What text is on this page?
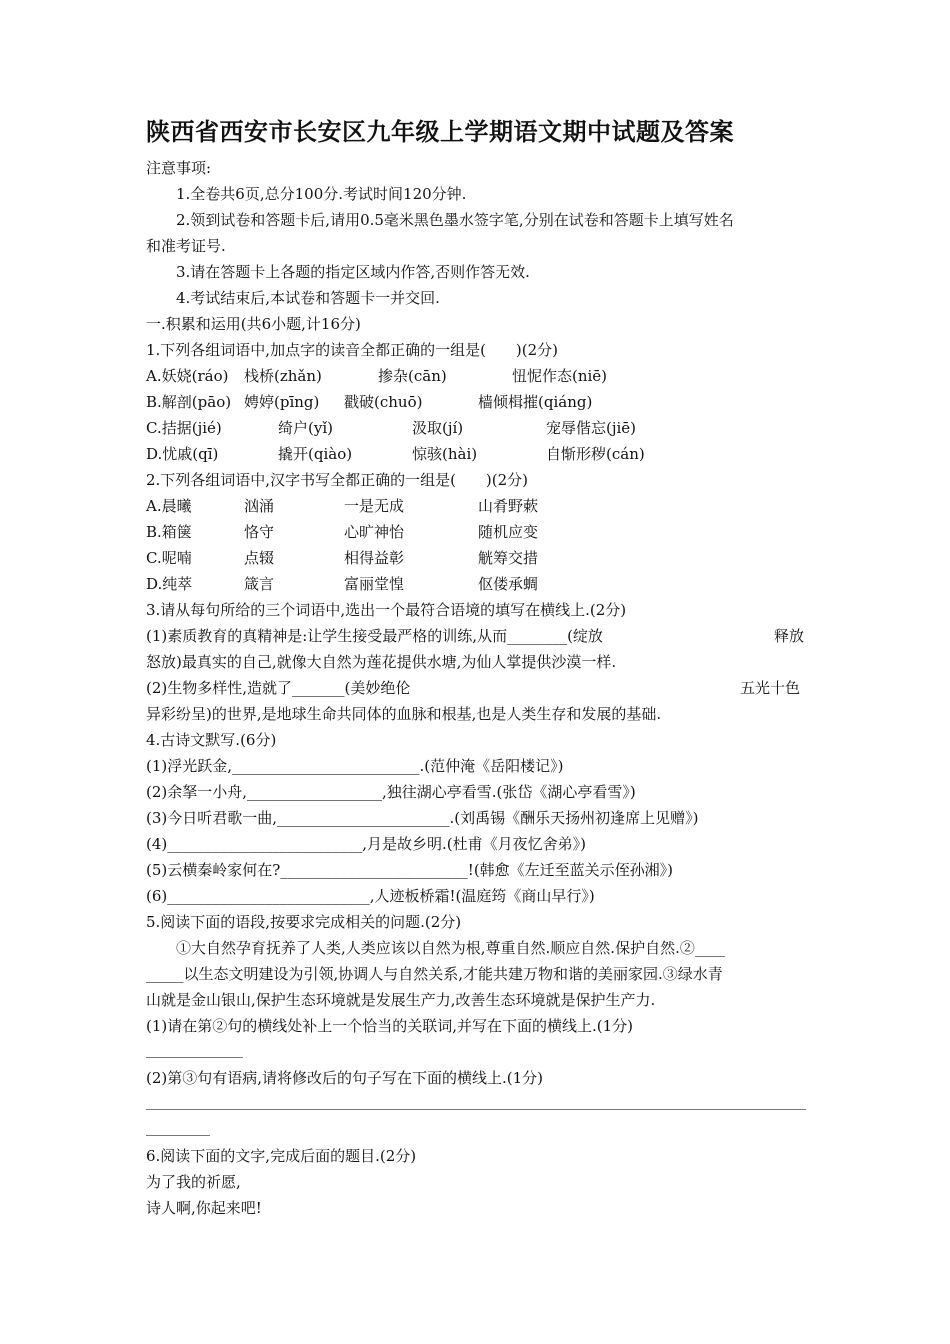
陕西省西安市长安区九年级上学期语文期中试题及答案
注意事项:
1.全卷共6页,总分100分.考试时间120分钟.
2.领到试卷和答题卡后,请用0.5毫米黑色墨水签字笔,分别在试卷和答题卡上填写姓名
和准考证号.
3.请在答题卡上各题的指定区域内作答,否则作答无效.
4.考试结束后,本试卷和答题卡一并交回.
一.积累和运用(共6小题,计16分)
1.下列各组词语中,加点字的读音全都正确的一组是(　　)(2分)
A.妖娆(ráo) 栈桥(zhǎn)	掺杂(cān)	忸怩作态(niē)
B.解剖(pāo) 娉婷(pīng) 戳破(chuō)	樯倾楫摧(qiáng)
C.拮据(jié)	绮户(yǐ)	汲取(jí)	宠辱偕忘(jiē)
D.忧戚(qī)	撬开(qiào)	惊骇(hài)	自惭形秽(cán)
2.下列各组词语中,汉字书写全都正确的一组是(　　)(2分)
A.晨曦	汹涌	一是无成	山肴野蔌
B.箱箧	恪守	心旷神怡	随机应变
C.呢喃	点辍	相得益彰	觥筹交措
D.纯萃	箴言	富丽堂惶	伛偻承蜩
3.请从每句所给的三个词语中,选出一个最符合语境的填写在横线上.(2分)
(1)素质教育的真精神是:让学生接受最严格的训练,从而________(绽放	释放
怒放)最真实的自己,就像大自然为莲花提供水塘,为仙人掌提供沙漠一样.
(2)生物多样性,造就了_______(美妙绝伦	五光十色
异彩纷呈)的世界,是地球生命共同体的血脉和根基,也是人类生存和发展的基础.
4.古诗文默写.(6分)
(1)浮光跃金,_________________________.(范仲淹《岳阳楼记》)
(2)余拏一小舟,__________________,独往湖心亭看雪.(张岱《湖心亭看雪》)
(3)今日听君歌一曲,_______________________.(刘禹锡《酬乐天扬州初逢席上见赠》)
(4)__________________________,月是故乡明.(杜甫《月夜忆舍弟》)
(5)云横秦岭家何在?_________________________!(韩愈《左迁至蓝关示侄孙湘》)
(6)___________________________,人迹板桥霜!(温庭筠《商山早行》)
5.阅读下面的语段,按要求完成相关的问题.(2分)
①大自然孕育抚养了人类,人类应该以自然为根,尊重自然.顺应自然.保护自然.②____
_____以生态文明建设为引领,协调人与自然关系,才能共建万物和谐的美丽家园.③绿水青
山就是金山银山,保护生态环境就是发展生产力,改善生态环境就是保护生产力.
(1)请在第②句的横线处补上一个恰当的关联词,并写在下面的横线上.(1分)
(2)第③句有语病,请将修改后的句子写在下面的横线上.(1分)
6.阅读下面的文字,完成后面的题目.(2分)
为了我的祈愿,
诗人啊,你起来吧!
